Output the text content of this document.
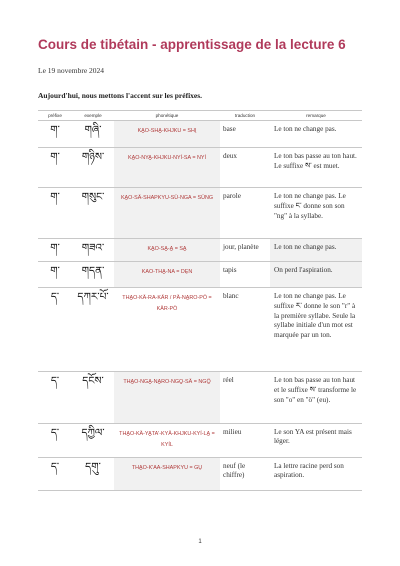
Cours de tibétain - apprentissage de la lecture 6
Le 19 novembre 2024
Aujourd'hui, nous mettons l'accent sur les préfixes.
préfixe	exemple	phonétique	traduction	remarque
ག་	གཞི་	KA̰O-SHA̰-KHJKU = SHI̱	base	Le ton ne change pas.
ག་	གཉིས་	KA̰O-NYA̰-KHJKU-NYÍ-SA = NYÍ	deux	Le ton bas passe au ton haut. Le suffixe ས་ est muet.
ག་	གསུང་	KA̰O-SÄ-SHAPKYU-SÜ-NGA = SÜNG	parole	Le ton ne change pas. Le suffixe ང་ donne son son "ng" à la syllabe.
ག་	གཟའ་	KA̰O-SA̰-A̰ = SA̰	jour, planète	Le ton ne change pas.
ག་	གདན་	KAO-THA̰-NA = DE̱N	tapis	On perd l'aspiration.
ད་	དཀར་པོ་	THA̰O-KÄ-RA-KÄR / PÄ-NA̰RO-PÖ = KÄR-PÖ	blanc	Le ton ne change pas. Le suffixe ར་ donne le son "r" à la première syllabe. Seule la syllabe initiale d'un mot est marquée par un ton.
ད་	དངོས་	THA̰O-NGA̰-NA̰RO-NGO̰-SÄ = NGÖ̰	réel	Le ton bas passe au ton haut et le suffixe ས་ transforme le son "o" en "ö" (eu).
ད་	དཀྱིལ་	THA̰O-KÄ-YA̰TA'-KYÄ-KHJKU-KYÍ-LA̰ = KYÍL	milieu	Le son YA est présent mais léger.
ད་	དགུ་	THA̰O-K'AA-SHAPKYU = GU̱	neuf (le chiffre)	La lettre racine perd son aspiration.
1
